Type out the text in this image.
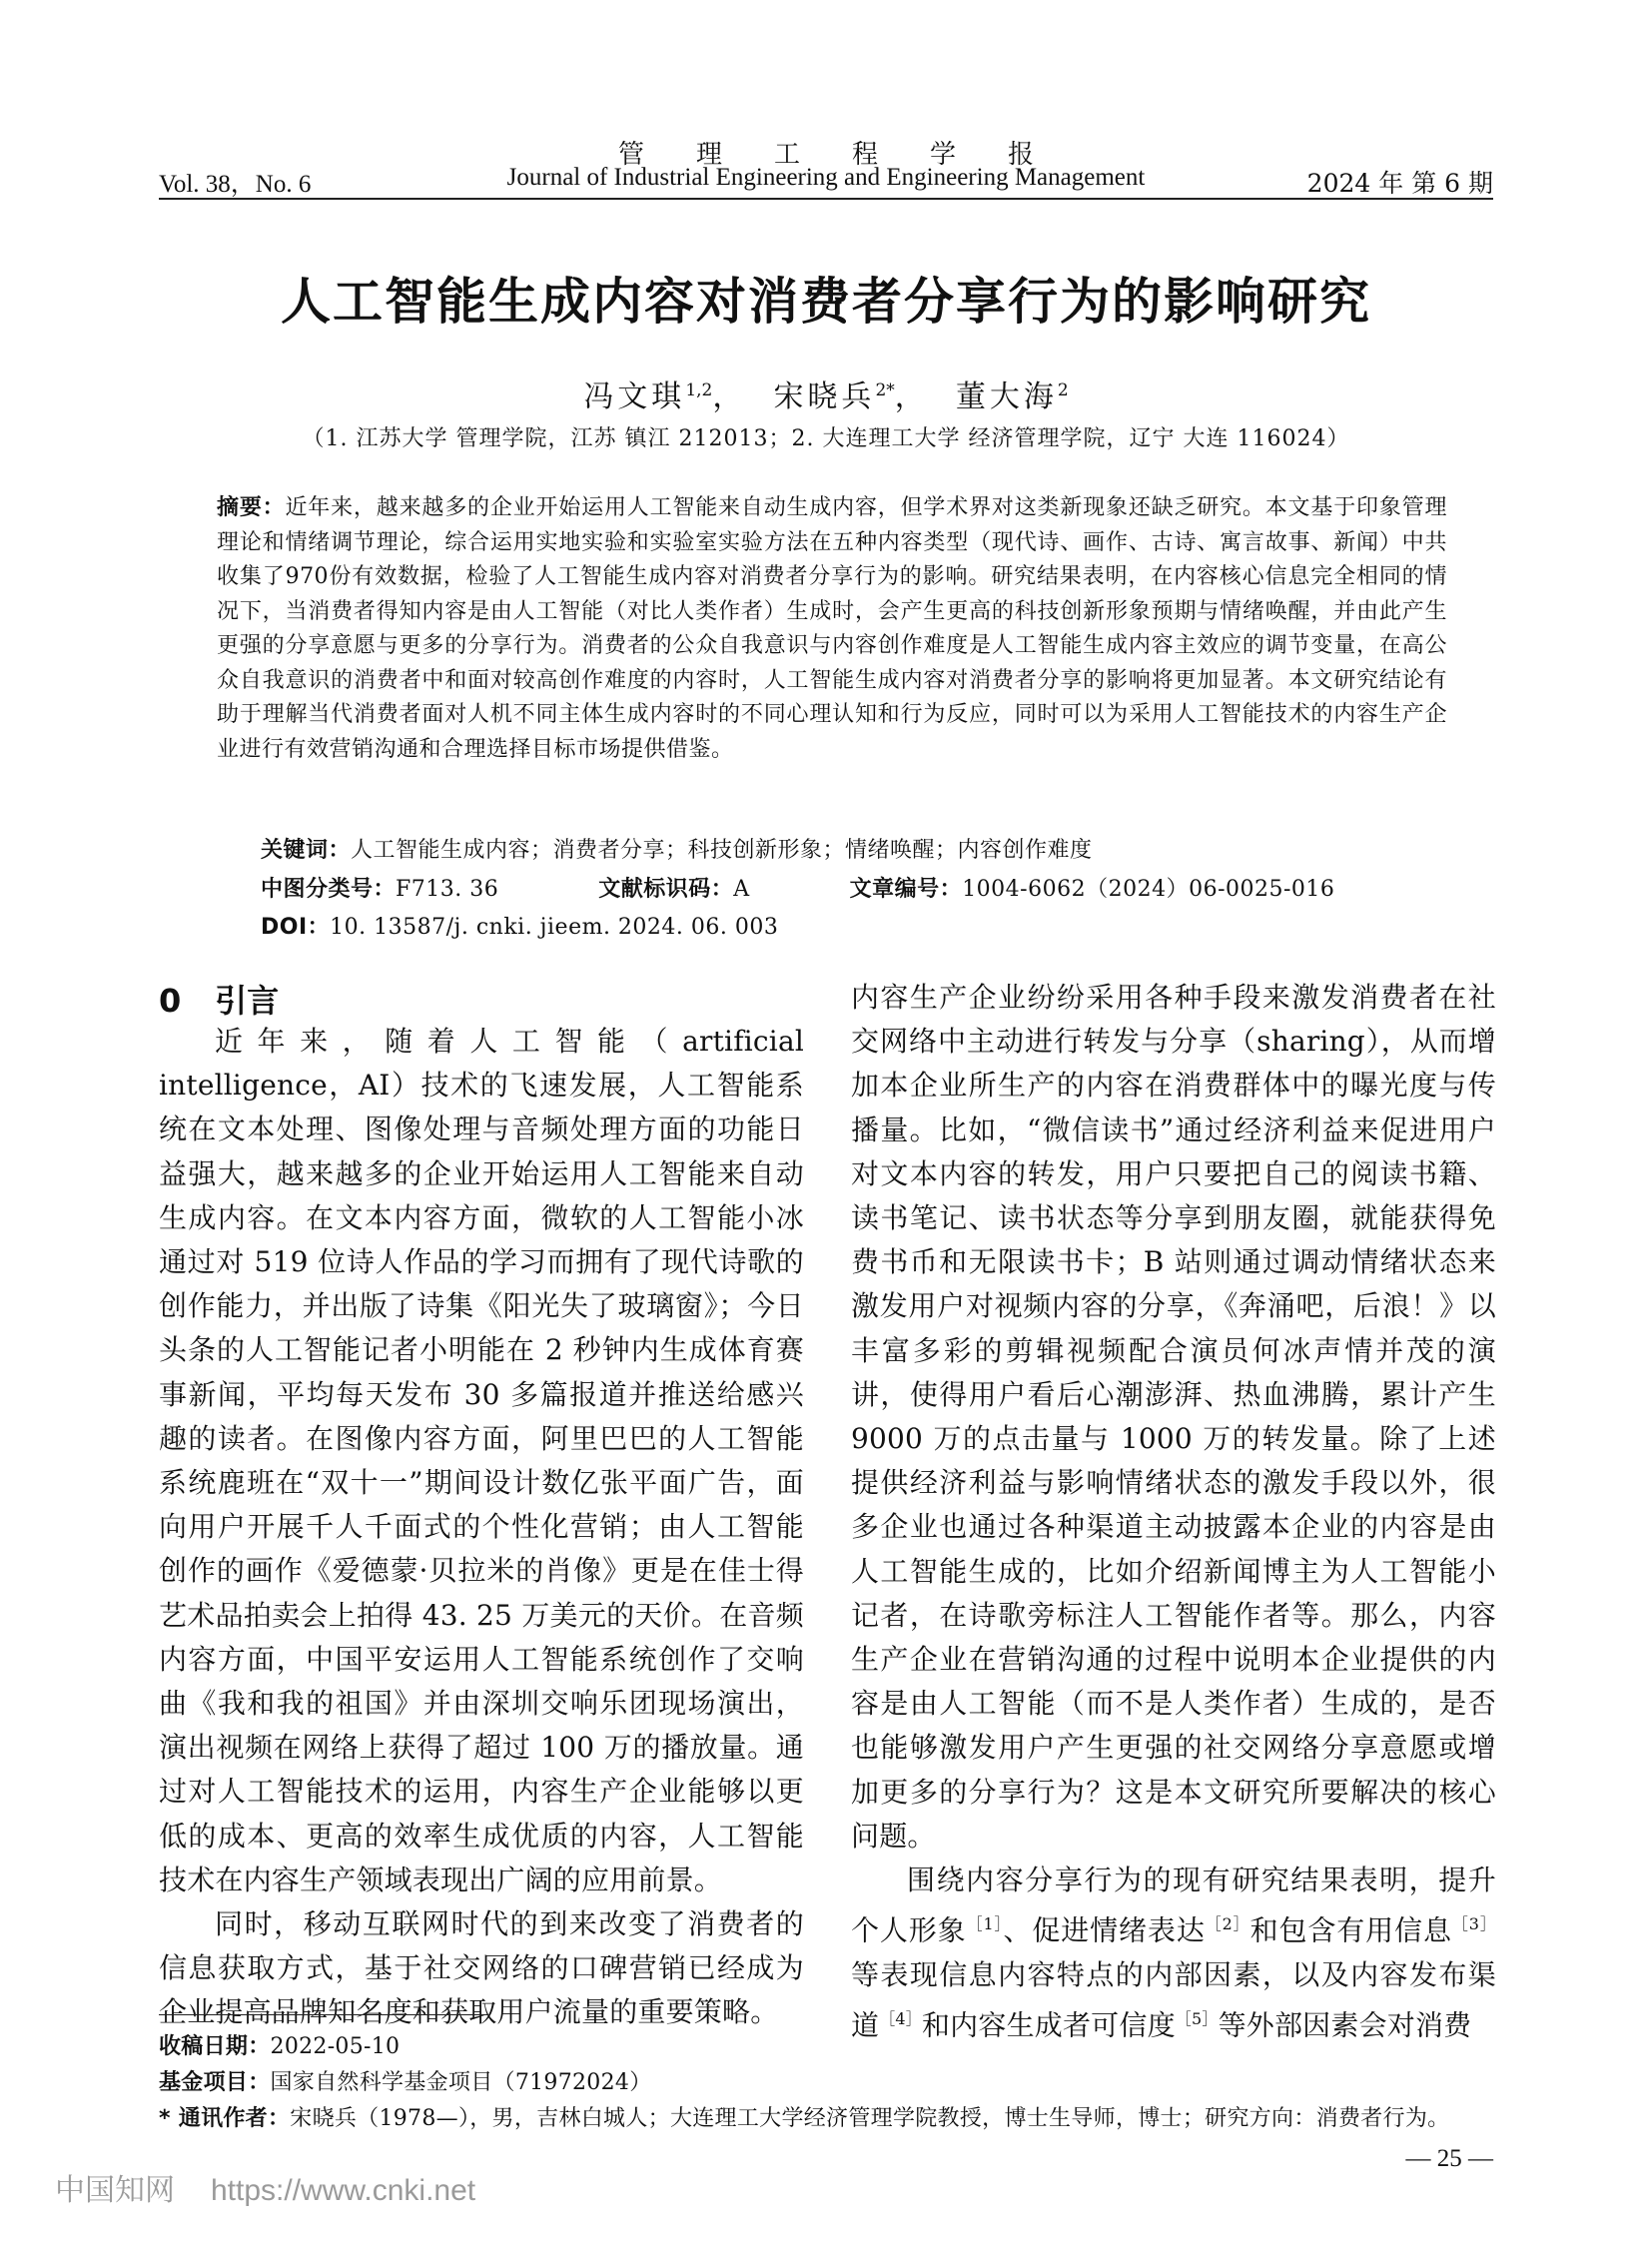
管理工程学报
Vol. 38，No. 6	Journal of Industrial Engineering and Engineering Management	2024 年 第 6 期
人工智能生成内容对消费者分享行为的影响研究
冯文琪$^{1,2}$，  宋晓兵$^{2*}$，  董大海$^2$
（1. 江苏大学 管理学院，江苏 镇江 212013；2. 大连理工大学 经济管理学院，辽宁 大连 116024）
摘要：近年来，越来越多的企业开始运用人工智能来自动生成内容，但学术界对这类新现象还缺乏研究。本文基于印象管理理论和情绪调节理论，综合运用实地实验和实验室实验方法在五种内容类型（现代诗、画作、古诗、寓言故事、新闻）中共收集了970份有效数据，检验了人工智能生成内容对消费者分享行为的影响。研究结果表明，在内容核心信息完全相同的情况下，当消费者得知内容是由人工智能（对比人类作者）生成时，会产生更高的科技创新形象预期与情绪唤醒，并由此产生更强的分享意愿与更多的分享行为。消费者的公众自我意识与内容创作难度是人工智能生成内容主效应的调节变量，在高公众自我意识的消费者中和面对较高创作难度的内容时，人工智能生成内容对消费者分享的影响将更加显著。本文研究结论有助于理解当代消费者面对人机不同主体生成内容时的不同心理认知和行为反应，同时可以为采用人工智能技术的内容生产企业进行有效营销沟通和合理选择目标市场提供借鉴。
关键词：人工智能生成内容；消费者分享；科技创新形象；情绪唤醒；内容创作难度
中图分类号：F713. 36	文献标识码：A	文章编号：1004-6062（2024）06-0025-016
DOI：10. 13587/j. cnki. jieem. 2024. 06. 003
0 引言

近年来，随着人工智能（artificial intelligence，AI）技术的飞速发展，人工智能系统在文本处理、图像处理与音频处理方面的功能日益强大，越来越多的企业开始运用人工智能来自动生成内容。在文本内容方面，微软的人工智能小冰通过对 519 位诗人作品的学习而拥有了现代诗歌的创作能力，并出版了诗集《阳光失了玻璃窗》；今日头条的人工智能记者小明能在 2 秒钟内生成体育赛事新闻，平均每天发布 30 多篇报道并推送给感兴趣的读者。在图像内容方面，阿里巴巴的人工智能系统鹿班在“双十一”期间设计数亿张平面广告，面向用户开展千人千面式的个性化营销；由人工智能创作的画作《爱德蒙·贝拉米的肖像》更是在佳士得艺术品拍卖会上拍得 43. 25 万美元的天价。在音频内容方面，中国平安运用人工智能系统创作了交响曲《我和我的祖国》并由深圳交响乐团现场演出，演出视频在网络上获得了超过 100 万的播放量。通过对人工智能技术的运用，内容生产企业能够以更低的成本、更高的效率生成优质的内容，人工智能技术在内容生产领域表现出广阔的应用前景。

同时，移动互联网时代的到来改变了消费者的信息获取方式，基于社交网络的口碑营销已经成为企业提高品牌知名度和获取用户流量的重要策略。

内容生产企业纷纷采用各种手段来激发消费者在社交网络中主动进行转发与分享（sharing），从而增加本企业所生产的内容在消费群体中的曝光度与传播量。比如，“微信读书”通过经济利益来促进用户对文本内容的转发，用户只要把自己的阅读书籍、读书笔记、读书状态等分享到朋友圈，就能获得免费书币和无限读书卡；B 站则通过调动情绪状态来激发用户对视频内容的分享，《奔涌吧，后浪！》以丰富多彩的剪辑视频配合演员何冰声情并茂的演讲，使得用户看后心潮澎湃、热血沸腾，累计产生 9000 万的点击量与 1000 万的转发量。除了上述提供经济利益与影响情绪状态的激发手段以外，很多企业也通过各种渠道主动披露本企业的内容是由人工智能生成的，比如介绍新闻博主为人工智能小记者，在诗歌旁标注人工智能作者等。那么，内容生产企业在营销沟通的过程中说明本企业提供的内容是由人工智能（而不是人类作者）生成的，是否也能够激发用户产生更强的社交网络分享意愿或增加更多的分享行为？这是本文研究所要解决的核心问题。

围绕内容分享行为的现有研究结果表明，提升个人形象$^{[1]}$、促进情绪表达$^{[2]}$和包含有用信息$^{[3]}$等表现信息内容特点的内部因素，以及内容发布渠道$^{[4]}$和内容生成者可信度$^{[5]}$等外部因素会对消费

收稿日期：2022-05-10
基金项目：国家自然科学基金项目（71972024）
* 通讯作者：宋晓兵（1978—），男，吉林白城人；大连理工大学经济管理学院教授，博士生导师，博士；研究方向：消费者行为。
— 25 —
中国知网 https://www.cnki.net
